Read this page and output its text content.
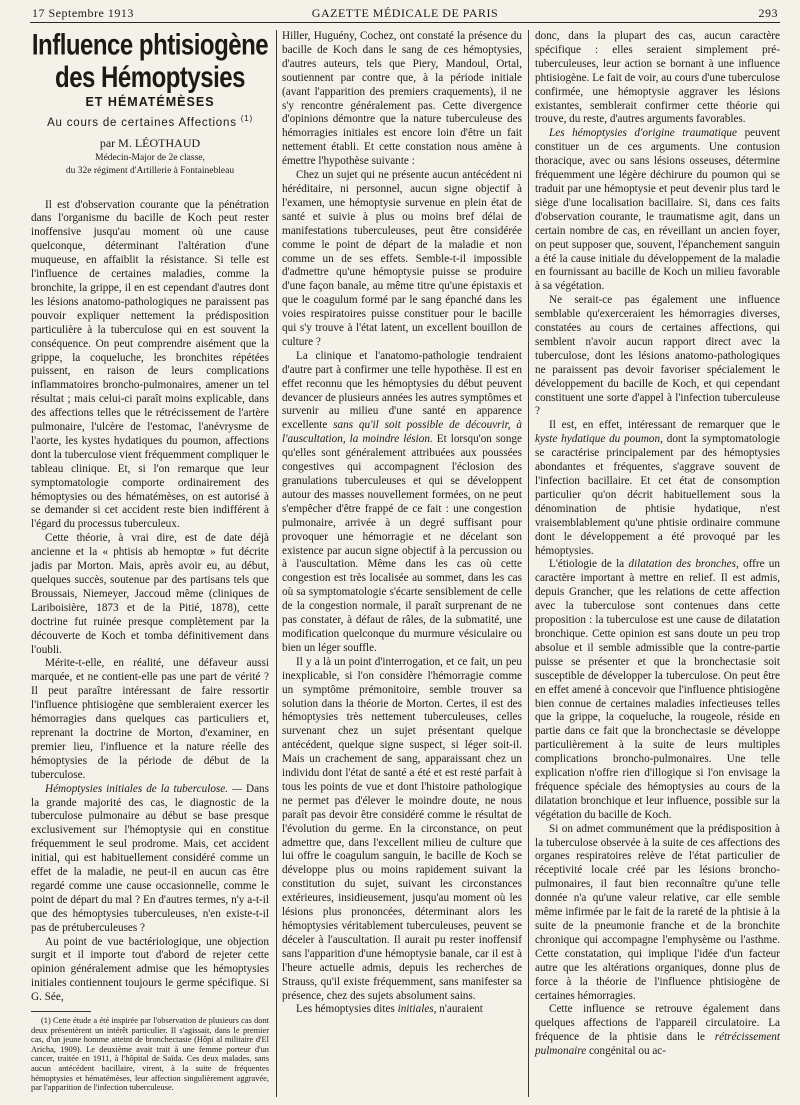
17 Septembre 1913	GAZETTE MÉDICALE DE PARIS	293
Influence phtisiogène des Hémoptysies
ET HÉMATÉMÈSES
Au cours de certaines Affections $^{(1)}$
par M. LÉOTHAUD
Médecin-Major de 2e classe,
du 32e régiment d'Artillerie à Fontainebleau

Il est d'observation courante que la pénétration dans l'organisme du bacille de Koch peut rester inoffensive jusqu'au moment où une cause quelconque, déterminant l'altération d'une muqueuse, en affaiblit la résistance. Si telle est l'influence de certaines maladies, comme la bronchite, la grippe, il en est cependant d'autres dont les lésions anatomo-pathologiques ne paraissent pas pouvoir expliquer nettement la prédisposition particulière à la tuberculose qui en est souvent la conséquence. On peut comprendre aisément que la grippe, la coqueluche, les bronchites répétées puissent, en raison de leurs complications inflammatoires broncho-pulmonaires, amener un tel résultat ; mais celui-ci paraît moins explicable, dans des affections telles que le rétrécissement de l'artère pulmonaire, l'ulcère de l'estomac, l'anévrysme de l'aorte, les kystes hydatiques du poumon, affections dont la tuberculose vient fréquemment compliquer le tableau clinique. Et, si l'on remarque que leur symptomatologie comporte ordinairement des hémoptysies ou des hématémèses, on est autorisé à se demander si cet accident reste bien indifférent à l'égard du processus tuberculeux.

Cette théorie, à vrai dire, est de date déjà ancienne et la « phtisis ab hemoptœ » fut décrite jadis par Morton. Mais, après avoir eu, au début, quelques succès, soutenue par des partisans tels que Broussais, Niemeyer, Jaccoud même (cliniques de Lariboisière, 1873 et de la Pitié, 1878), cette doctrine fut ruinée presque complètement par la découverte de Koch et tomba définitivement dans l'oubli.

Mérite-t-elle, en réalité, une défaveur aussi marquée, et ne contient-elle pas une part de vérité ? Il peut paraître intéressant de faire ressortir l'influence phtisiogène que sembleraient exercer les hémorragies dans quelques cas particuliers et, reprenant la doctrine de Morton, d'examiner, en premier lieu, l'influence et la nature réelle des hémoptysies de la période de début de la tuberculose.

Hémoptysies initiales de la tuberculose. — Dans la grande majorité des cas, le diagnostic de la tuberculose pulmonaire au début se base presque exclusivement sur l'hémoptysie qui en constitue fréquemment le seul prodrome. Mais, cet accident initial, qui est habituellement considéré comme un effet de la maladie, ne peut-il en aucun cas être regardé comme une cause occasionnelle, comme le point de départ du mal ? En d'autres termes, n'y a-t-il que des hémoptysies tuberculeuses, n'en existe-t-il pas de prétuberculeuses ?

Au point de vue bactériologique, une objection surgit et il importe tout d'abord de rejeter cette opinion généralement admise que les hémoptysies initiales contiennent toujours le germe spécifique. Si G. Sée,

(1) Cette étude a été inspirée par l'observation de plusieurs cas dont deux présentèrent un intérêt particulier. Il s'agissait, dans le premier cas, d'un jeune homme atteint de bronchectasie (Hôpi al militaire d'El Aricha, 1909). Le deuxième avait trait à une femme porteur d'un cancer, traitée en 1911, à l'hôpital de Saïda. Ces deux malades, sans aucun antécédent bacillaire, virent, à la suite de fréquentes hémoptysies et hématémèses, leur affection singulièrement aggravée, par l'apparition de l'infection tuberculeuse.

Hiller, Huguény, Cochez, ont constaté la présence du bacille de Koch dans le sang de ces hémoptysies, d'autres auteurs, tels que Piery, Mandoul, Ortal, soutiennent par contre que, à la période initiale (avant l'apparition des premiers craquements), il ne s'y rencontre généralement pas. Cette divergence d'opinions démontre que la nature tuberculeuse des hémorragies initiales est encore loin d'être un fait nettement établi. Et cette constation nous amène à émettre l'hypothèse suivante :

Chez un sujet qui ne présente aucun antécédent ni héréditaire, ni personnel, aucun signe objectif à l'examen, une hémoptysie survenue en plein état de santé et suivie à plus ou moins bref délai de manifestations tuberculeuses, peut être considérée comme le point de départ de la maladie et non comme un de ses effets. Semble-t-il impossible d'admettre qu'une hémoptysie puisse se produire d'une façon banale, au même titre qu'une épistaxis et que le coagulum formé par le sang épanché dans les voies respiratoires puisse constituer pour le bacille qui s'y trouve à l'état latent, un excellent bouillon de culture ?

La clinique et l'anatomo-pathologie tendraient d'autre part à confirmer une telle hypothèse. Il est en effet reconnu que les hémoptysies du début peuvent devancer de plusieurs années les autres symptômes et survenir au milieu d'une santé en apparence excellente sans qu'il soit possible de découvrir, à l'auscultation, la moindre lésion. Et lorsqu'on songe qu'elles sont généralement attribuées aux poussées congestives qui accompagnent l'éclosion des granulations tuberculeuses et qui se développent autour des masses nouvellement formées, on ne peut s'empêcher d'être frappé de ce fait : une congestion pulmonaire, arrivée à un degré suffisant pour provoquer une hémorragie et ne décelant son existence par aucun signe objectif à la percussion ou à l'auscultation. Même dans les cas où cette congestion est très localisée au sommet, dans les cas où sa symptomatologie s'écarte sensiblement de celle de la congestion normale, il paraît surprenant de ne pas constater, à défaut de râles, de la submatité, une modification quelconque du murmure vésiculaire ou bien un léger souffle.

Il y a là un point d'interrogation, et ce fait, un peu inexplicable, si l'on considère l'hémorragie comme un symptôme prémonitoire, semble trouver sa solution dans la théorie de Morton. Certes, il est des hémoptysies très nettement tuberculeuses, celles survenant chez un sujet présentant quelque antécédent, quelque signe suspect, si léger soit-il. Mais un crachement de sang, apparaissant chez un individu dont l'état de santé a été et est resté parfait à tous les points de vue et dont l'histoire pathologique ne permet pas d'élever le moindre doute, ne nous paraît pas devoir être considéré comme le résultat de l'évolution du germe. En la circonstance, on peut admettre que, dans l'excellent milieu de culture que lui offre le coagulum sanguin, le bacille de Koch se développe plus ou moins rapidement suivant la constitution du sujet, suivant les circonstances extérieures, insidieusement, jusqu'au moment où les lésions plus prononcées, déterminant alors les hémoptysies véritablement tuberculeuses, peuvent se déceler à l'auscultation. Il aurait pu rester inoffensif sans l'apparition d'une hémoptysie banale, car il est à l'heure actuelle admis, depuis les recherches de Strauss, qu'il existe fréquemment, sans manifester sa présence, chez des sujets absolument sains.

Les hémoptysies dites initiales, n'auraient

donc, dans la plupart des cas, aucun caractère spécifique : elles seraient simplement pré-tuberculeuses, leur action se bornant à une influence phtisiogène. Le fait de voir, au cours d'une tuberculose confirmée, une hémoptysie aggraver les lésions existantes, semblerait confirmer cette théorie qui trouve, du reste, d'autres arguments favorables.

Les hémoptysies d'origine traumatique peuvent constituer un de ces arguments. Une contusion thoracique, avec ou sans lésions osseuses, détermine fréquemment une légère déchirure du poumon qui se traduit par une hémoptysie et peut devenir plus tard le siège d'une localisation bacillaire. Si, dans ces faits d'observation courante, le traumatisme agit, dans un certain nombre de cas, en réveillant un ancien foyer, on peut supposer que, souvent, l'épanchement sanguin a été la cause initiale du développement de la maladie en fournissant au bacille de Koch un milieu favorable à sa végétation.

Ne serait-ce pas également une influence semblable qu'exerceraient les hémorragies diverses, constatées au cours de certaines affections, qui semblent n'avoir aucun rapport direct avec la tuberculose, dont les lésions anatomo-pathologiques ne paraissent pas devoir favoriser spécialement le développement du bacille de Koch, et qui cependant constituent une sorte d'appel à l'infection tuberculeuse ?

Il est, en effet, intéressant de remarquer que le kyste hydatique du poumon, dont la symptomatologie se caractérise principalement par des hémoptysies abondantes et fréquentes, s'aggrave souvent de l'infection bacillaire. Et cet état de consomption particulier qu'on décrit habituellement sous la dénomination de phtisie hydatique, n'est vraisemblablement qu'une phtisie ordinaire commune dont le développement a été provoqué par les hémoptysies.

L'étiologie de la dilatation des bronches, offre un caractère important à mettre en relief. Il est admis, depuis Grancher, que les relations de cette affection avec la tuberculose sont contenues dans cette proposition : la tuberculose est une cause de dilatation bronchique. Cette opinion est sans doute un peu trop absolue et il semble admissible que la contre-partie puisse se présenter et que la bronchectasie soit susceptible de développer la tuberculose. On peut être en effet amené à concevoir que l'influence phtisiogène bien connue de certaines maladies infectieuses telles que la grippe, la coqueluche, la rougeole, réside en partie dans ce fait que la bronchectasie se développe particulièrement à la suite de leurs multiples complications broncho-pulmonaires. Une telle explication n'offre rien d'illogique si l'on envisage la fréquence spéciale des hémoptysies au cours de la dilatation bronchique et leur influence, possible sur la végétation du bacille de Koch.

Si on admet communément que la prédisposition à la tuberculose observée à la suite de ces affections des organes respiratoires relève de l'état particulier de réceptivité locale créé par les lésions broncho-pulmonaires, il faut bien reconnaître qu'une telle donnée n'a qu'une valeur relative, car elle semble même infirmée par le fait de la rareté de la phtisie à la suite de la pneumonie franche et de la bronchite chronique qui accompagne l'emphysème ou l'asthme. Cette constatation, qui implique l'idée d'un facteur autre que les altérations organiques, donne plus de force à la théorie de l'influence phtisiogène de certaines hémorragies.

Cette influence se retrouve également dans quelques affections de l'appareil circulatoire. La fréquence de la phtisie dans le rétrécissement pulmonaire congénital ou ac-
